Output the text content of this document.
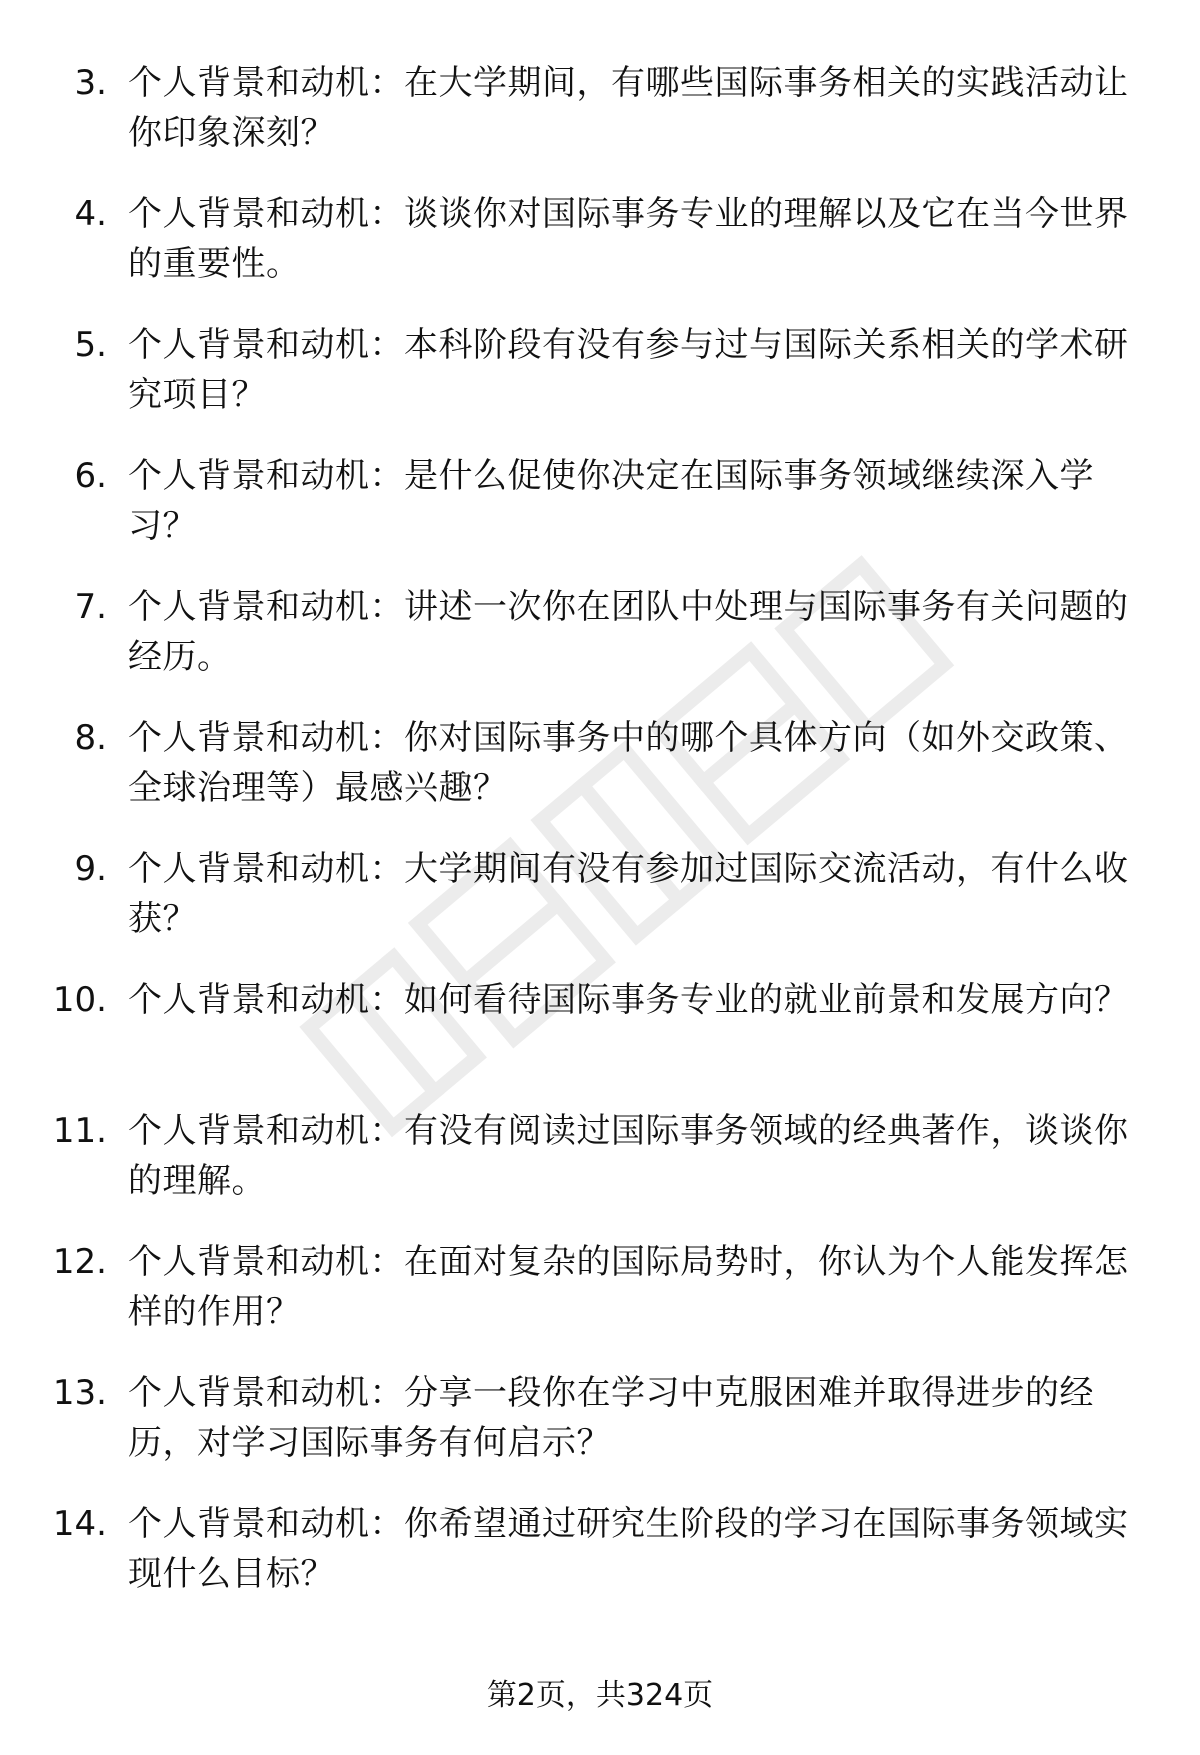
3. 个人背景和动机：在大学期间，有哪些国际事务相关的实践活动让你印象深刻？
4. 个人背景和动机：谈谈你对国际事务专业的理解以及它在当今世界的重要性。
5. 个人背景和动机：本科阶段有没有参与过与国际关系相关的学术研究项目？
6. 个人背景和动机：是什么促使你决定在国际事务领域继续深入学习？
7. 个人背景和动机：讲述一次你在团队中处理与国际事务有关问题的经历。
8. 个人背景和动机：你对国际事务中的哪个具体方向（如外交政策、全球治理等）最感兴趣？
9. 个人背景和动机：大学期间有没有参加过国际交流活动，有什么收获？
10. 个人背景和动机：如何看待国际事务专业的就业前景和发展方向？
11. 个人背景和动机：有没有阅读过国际事务领域的经典著作，谈谈你的理解。
12. 个人背景和动机：在面对复杂的国际局势时，你认为个人能发挥怎样的作用？
13. 个人背景和动机：分享一段你在学习中克服困难并取得进步的经历，对学习国际事务有何启示？
14. 个人背景和动机：你希望通过研究生阶段的学习在国际事务领域实现什么目标？
第2页，共324页
